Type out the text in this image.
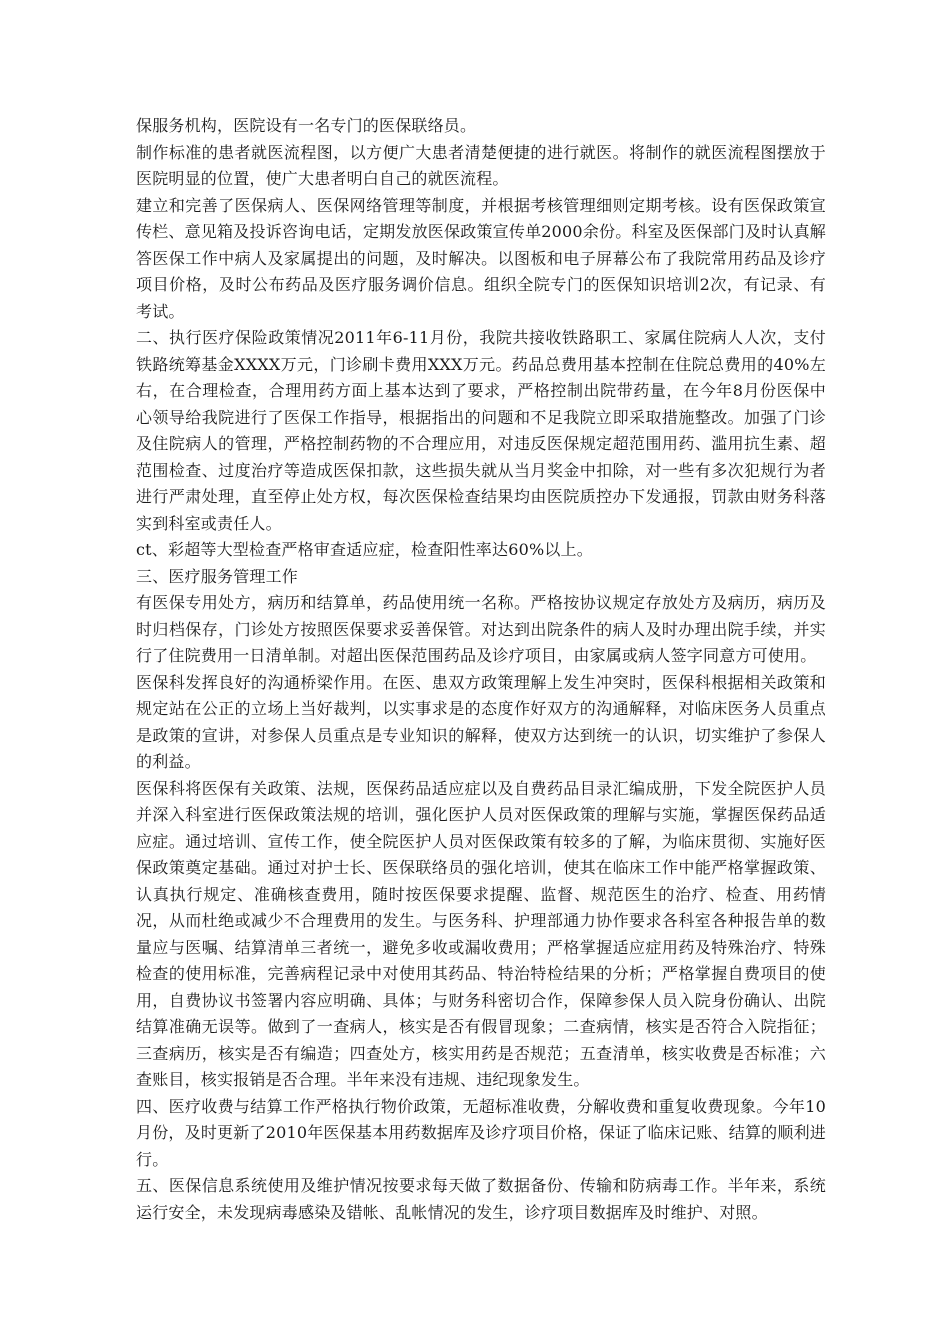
保服务机构，医院设有一名专门的医保联络员。

制作标准的患者就医流程图，以方便广大患者清楚便捷的进行就医。将制作的就医流程图摆放于医院明显的位置，使广大患者明白自己的就医流程。

建立和完善了医保病人、医保网络管理等制度，并根据考核管理细则定期考核。设有医保政策宣传栏、意见箱及投诉咨询电话，定期发放医保政策宣传单2000余份。科室及医保部门及时认真解答医保工作中病人及家属提出的问题，及时解决。以图板和电子屏幕公布了我院常用药品及诊疗项目价格，及时公布药品及医疗服务调价信息。组织全院专门的医保知识培训2次，有记录、有考试。

二、执行医疗保险政策情况2011年6-11月份，我院共接收铁路职工、家属住院病人人次，支付铁路统筹基金XXXX万元，门诊刷卡费用XXX万元。药品总费用基本控制在住院总费用的40%左右，在合理检查，合理用药方面上基本达到了要求，严格控制出院带药量，在今年8月份医保中心领导给我院进行了医保工作指导，根据指出的问题和不足我院立即采取措施整改。加强了门诊及住院病人的管理，严格控制药物的不合理应用，对违反医保规定超范围用药、滥用抗生素、超范围检查、过度治疗等造成医保扣款，这些损失就从当月奖金中扣除，对一些有多次犯规行为者进行严肃处理，直至停止处方权，每次医保检查结果均由医院质控办下发通报，罚款由财务科落实到科室或责任人。

ct、彩超等大型检查严格审查适应症，检查阳性率达60%以上。

三、医疗服务管理工作

有医保专用处方，病历和结算单，药品使用统一名称。严格按协议规定存放处方及病历，病历及时归档保存，门诊处方按照医保要求妥善保管。对达到出院条件的病人及时办理出院手续，并实行了住院费用一日清单制。对超出医保范围药品及诊疗项目，由家属或病人签字同意方可使用。

医保科发挥良好的沟通桥梁作用。在医、患双方政策理解上发生冲突时，医保科根据相关政策和规定站在公正的立场上当好裁判，以实事求是的态度作好双方的沟通解释，对临床医务人员重点是政策的宣讲，对参保人员重点是专业知识的解释，使双方达到统一的认识，切实维护了参保人的利益。

医保科将医保有关政策、法规，医保药品适应症以及自费药品目录汇编成册，下发全院医护人员并深入科室进行医保政策法规的培训，强化医护人员对医保政策的理解与实施，掌握医保药品适应症。通过培训、宣传工作，使全院医护人员对医保政策有较多的了解，为临床贯彻、实施好医保政策奠定基础。通过对护士长、医保联络员的强化培训，使其在临床工作中能严格掌握政策、认真执行规定、准确核查费用，随时按医保要求提醒、监督、规范医生的治疗、检查、用药情况，从而杜绝或减少不合理费用的发生。与医务科、护理部通力协作要求各科室各种报告单的数量应与医嘱、结算清单三者统一，避免多收或漏收费用；严格掌握适应症用药及特殊治疗、特殊检查的使用标准，完善病程记录中对使用其药品、特治特检结果的分析；严格掌握自费项目的使用，自费协议书签署内容应明确、具体；与财务科密切合作，保障参保人员入院身份确认、出院结算准确无误等。做到了一查病人，核实是否有假冒现象；二查病情，核实是否符合入院指征；三查病历，核实是否有编造；四查处方，核实用药是否规范；五查清单，核实收费是否标准；六查账目，核实报销是否合理。半年来没有违规、违纪现象发生。

四、医疗收费与结算工作严格执行物价政策，无超标准收费，分解收费和重复收费现象。今年10月份，及时更新了2010年医保基本用药数据库及诊疗项目价格，保证了临床记账、结算的顺利进行。

五、医保信息系统使用及维护情况按要求每天做了数据备份、传输和防病毒工作。半年来，系统运行安全，未发现病毒感染及错帐、乱帐情况的发生，诊疗项目数据库及时维护、对照。
